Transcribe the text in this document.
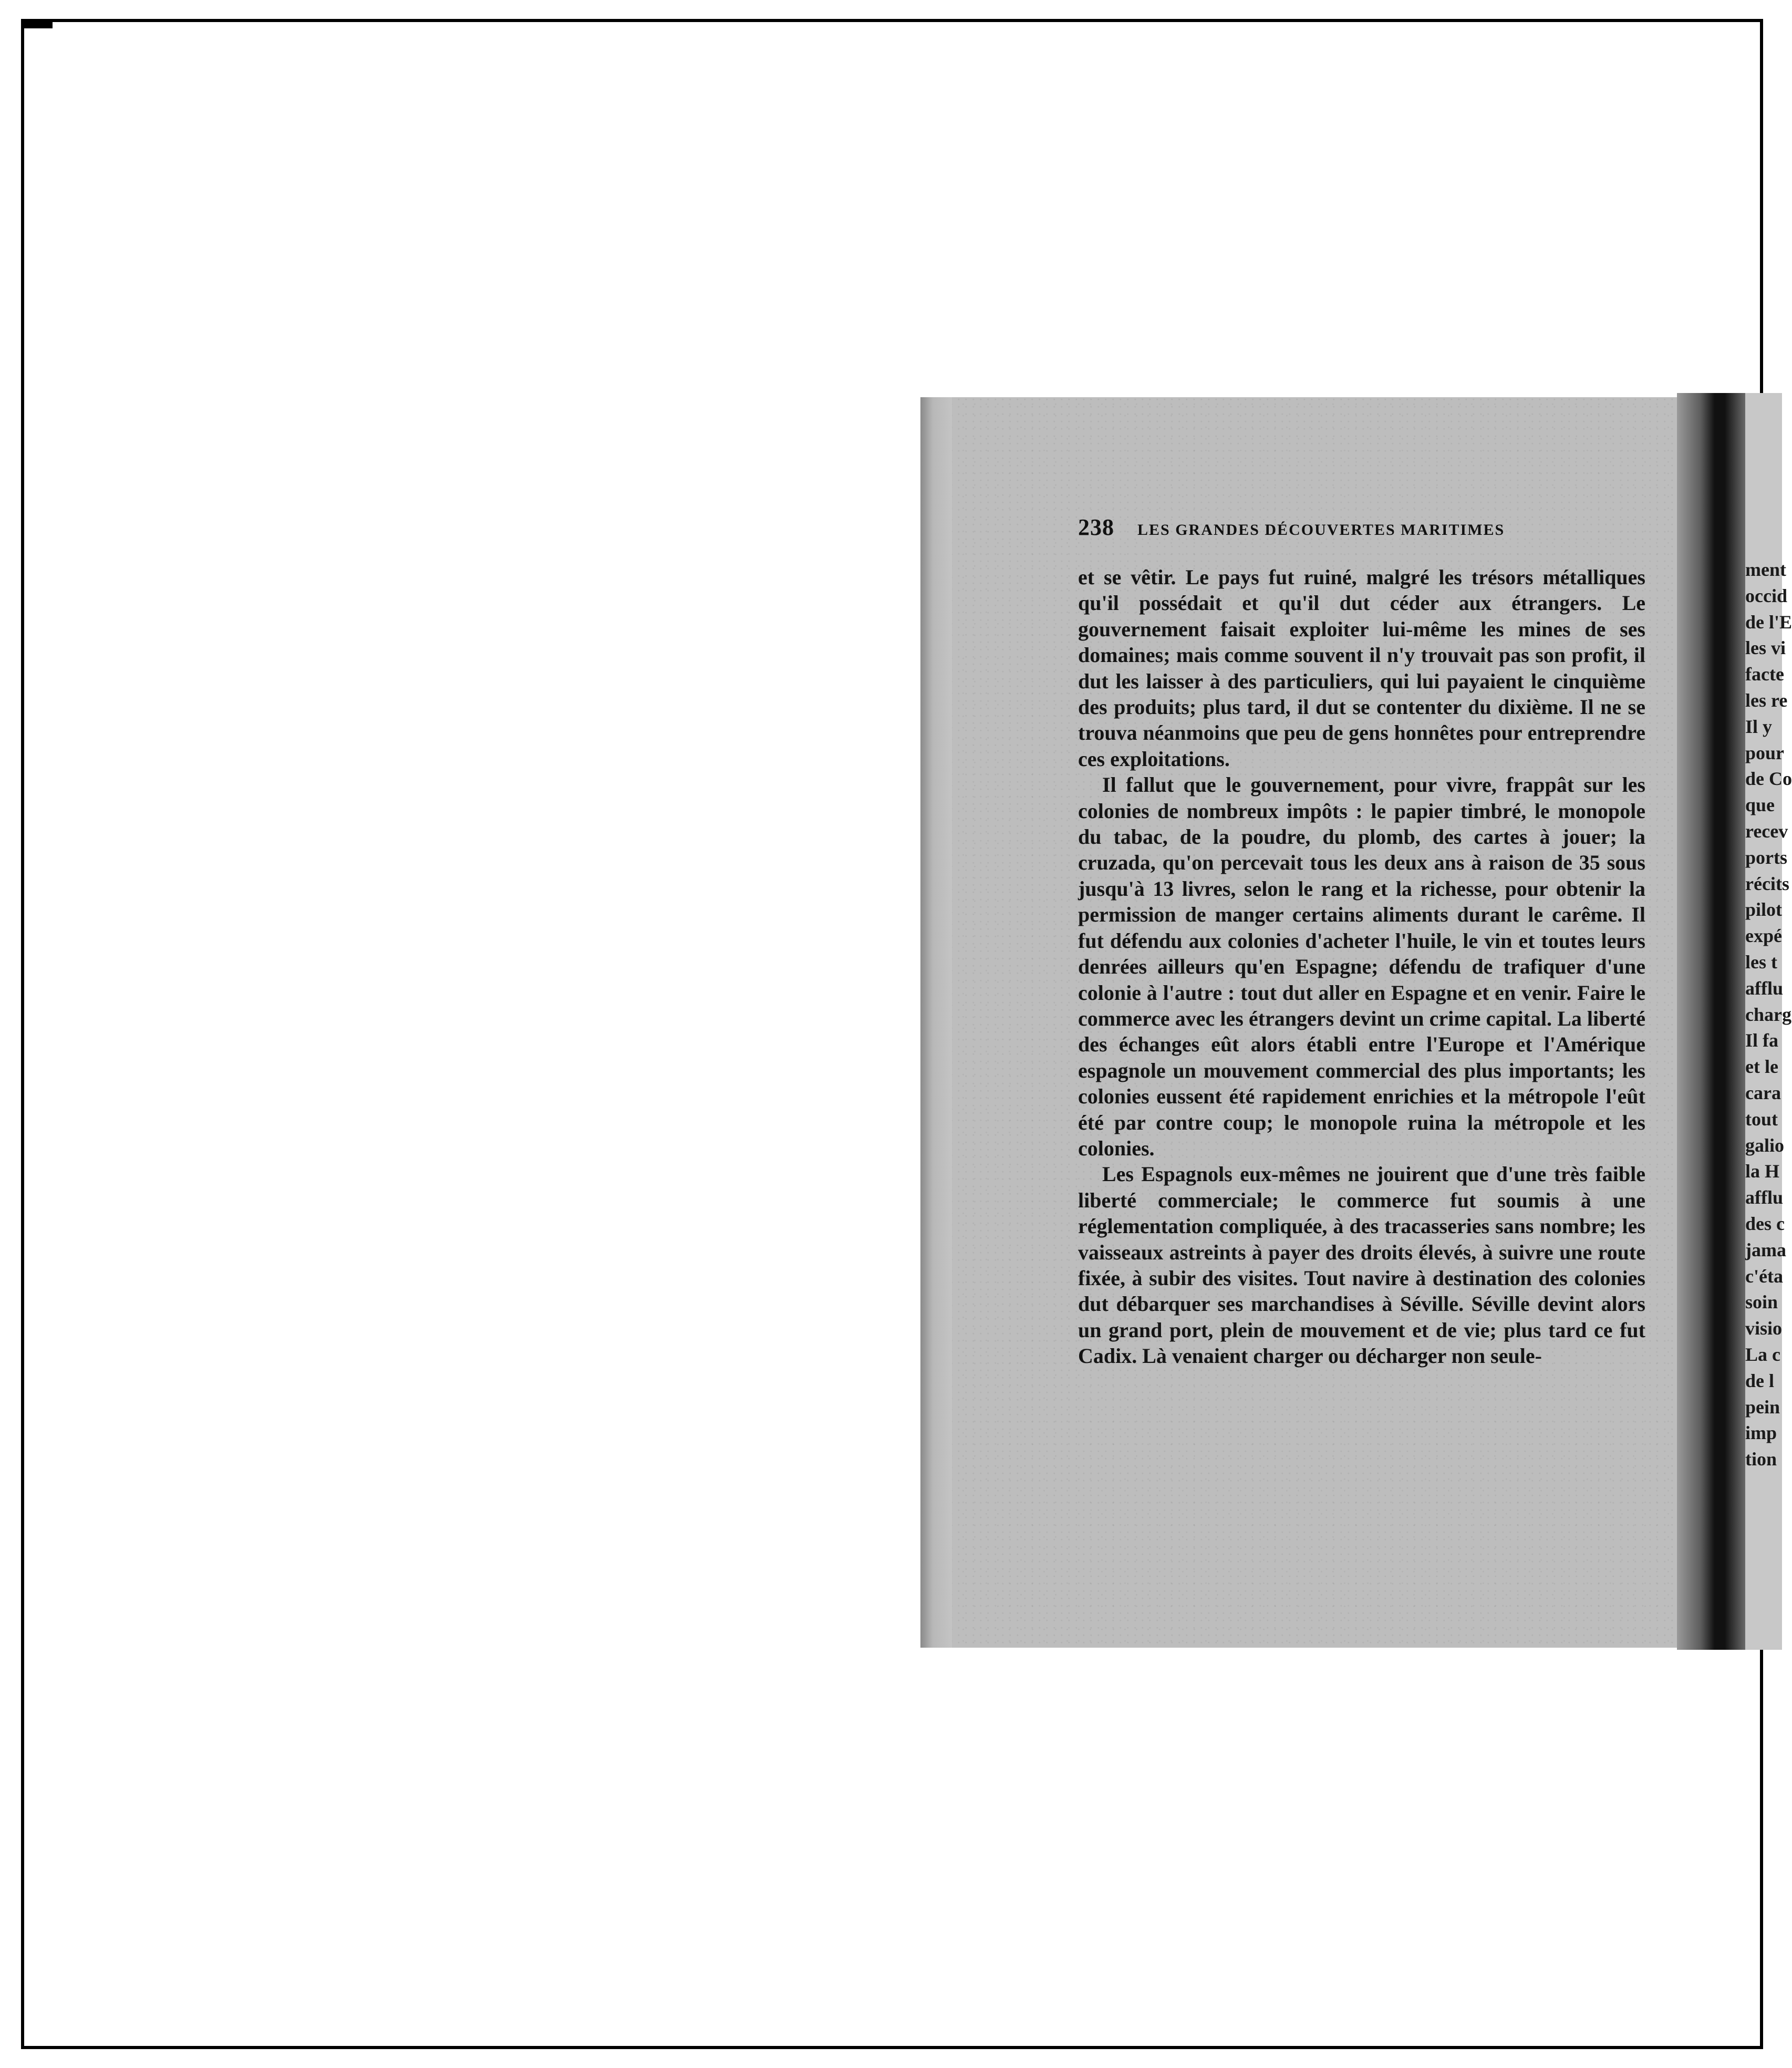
238 LES GRANDES DÉCOUVERTES MARITIMES

et se vêtir. Le pays fut ruiné, malgré les trésors métalliques qu'il possédait et qu'il dut céder aux étrangers. Le gouvernement faisait exploiter lui-même les mines de ses domaines; mais comme souvent il n'y trouvait pas son profit, il dut les laisser à des particuliers, qui lui payaient le cinquième des produits; plus tard, il dut se contenter du dixième. Il ne se trouva néanmoins que peu de gens honnêtes pour entreprendre ces exploitations.

Il fallut que le gouvernement, pour vivre, frappât sur les colonies de nombreux impôts : le papier timbré, le monopole du tabac, de la poudre, du plomb, des cartes à jouer; la cruzada, qu'on percevait tous les deux ans à raison de 35 sous jusqu'à 13 livres, selon le rang et la richesse, pour obtenir la permission de manger certains aliments durant le carême. Il fut défendu aux colonies d'acheter l'huile, le vin et toutes leurs denrées ailleurs qu'en Espagne; défendu de trafiquer d'une colonie à l'autre : tout dut aller en Espagne et en venir. Faire le commerce avec les étrangers devint un crime capital. La liberté des échanges eût alors établi entre l'Europe et l'Amérique espagnole un mouvement commercial des plus importants; les colonies eussent été rapidement enrichies et la métropole l'eût été par contre coup; le monopole ruina la métropole et les colonies.

Les Espagnols eux-mêmes ne jouirent que d'une très faible liberté commerciale; le commerce fut soumis à une réglementation compliquée, à des tracasseries sans nombre; les vaisseaux astreints à payer des droits élevés, à suivre une route fixée, à subir des visites. Tout navire à destination des colonies dut débarquer ses marchandises à Séville. Séville devint alors un grand port, plein de mouvement et de vie; plus tard ce fut Cadix. Là venaient charger ou décharger non seule-

ment
occid
de l'E
les vi
facte
les re
Il y
pour
de Co
que
recev
ports
récits
pilot
expé
les t
afflu
charg
Il fa
et le
cara
tout
galio
la H
afflu
des c
jama
c'éta
soin
visio
La c
de l
pein
imp
tion
